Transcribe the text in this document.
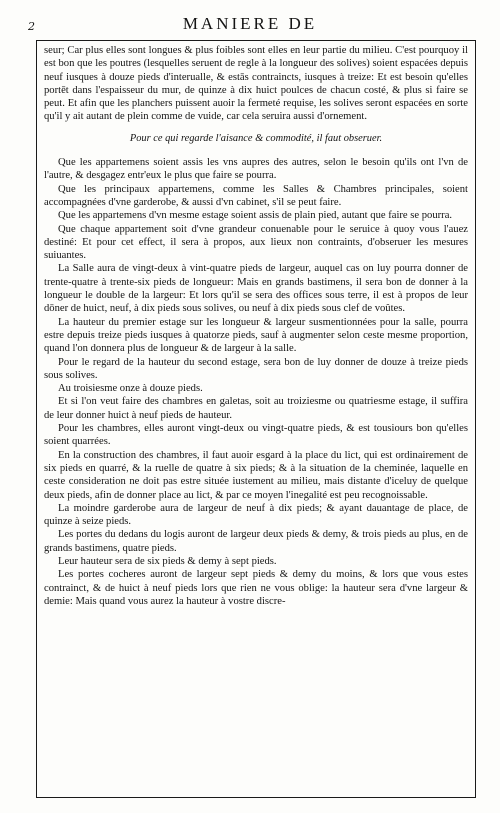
2	MANIERE DE

seur; Car plus elles sont longues & plus foibles sont elles en leur partie du milieu. C'est pourquoy il est bon que les poutres (lesquelles seruent de regle à la longueur des solives) soient espacées depuis neuf iusques à douze pieds d'interualle, & estās contraincts, iusques à treize: Et est besoin qu'elles portēt dans l'espaisseur du mur, de quinze à dix huict poulces de chacun costé, & plus si faire se peut. Et afin que les planchers puissent auoir la fermeté requise, les solives seront espacées en sorte qu'il y ait autant de plein comme de vuide, car cela seruira aussi d'ornement.

Pour ce qui regarde l'aisance & commodité, il faut obseruer.

Que les appartemens soient assis les vns aupres des autres, selon le besoin qu'ils ont l'vn de l'autre, & desgagez entr'eux le plus que faire se pourra.

Que les principaux appartemens, comme les Salles & Chambres principales, soient accompagnées d'vne garderobe, & aussi d'vn cabinet, s'il se peut faire.

Que les appartemens d'vn mesme estage soient assis de plain pied, autant que faire se pourra.

Que chaque appartement soit d'vne grandeur conuenable pour le seruice à quoy vous l'auez destiné: Et pour cet effect, il sera à propos, aux lieux non contraints, d'obseruer les mesures suiuantes.

La Salle aura de vingt-deux à vint-quatre pieds de largeur, auquel cas on luy pourra donner de trente-quatre à trente-six pieds de longueur: Mais en grands bastimens, il sera bon de donner à la longueur le double de la largeur: Et lors qu'il se sera des offices sous terre, il est à propos de leur dōner de huict, neuf, à dix pieds sous solives, ou neuf à dix pieds sous clef de voûtes.

La hauteur du premier estage sur les longueur & largeur susmentionnées pour la salle, pourra estre depuis treize pieds iusques à quatorze pieds, sauf à augmenter selon ceste mesme proportion, quand l'on donnera plus de longueur & de largeur à la salle.

Pour le regard de la hauteur du second estage, sera bon de luy donner de douze à treize pieds sous solives.

Au troisiesme onze à douze pieds.

Et si l'on veut faire des chambres en galetas, soit au troiziesme ou quatriesme estage, il suffira de leur donner huict à neuf pieds de hauteur.

Pour les chambres, elles auront vingt-deux ou vingt-quatre pieds, & est tousiours bon qu'elles soient quarrées.

En la construction des chambres, il faut auoir esgard à la place du lict, qui est ordinairement de six pieds en quarré, & la ruelle de quatre à six pieds; & à la situation de la cheminée, laquelle en ceste consideration ne doit pas estre située iustement au milieu, mais distante d'iceluy de quelque deux pieds, afin de donner place au lict, & par ce moyen l'inegalité est peu recognoissable.

La moindre garderobe aura de largeur de neuf à dix pieds; & ayant dauantage de place, de quinze à seize pieds.

Les portes du dedans du logis auront de largeur deux pieds & demy, & trois pieds au plus, en de grands bastimens, quatre pieds.

Leur hauteur sera de six pieds & demy à sept pieds.

Les portes cocheres auront de largeur sept pieds & demy du moins, & lors que vous estes contrainct, & de huict à neuf pieds lors que rien ne vous oblige: la hauteur sera d'vne largeur & demie: Mais quand vous aurez la hauteur à vostre discre-
